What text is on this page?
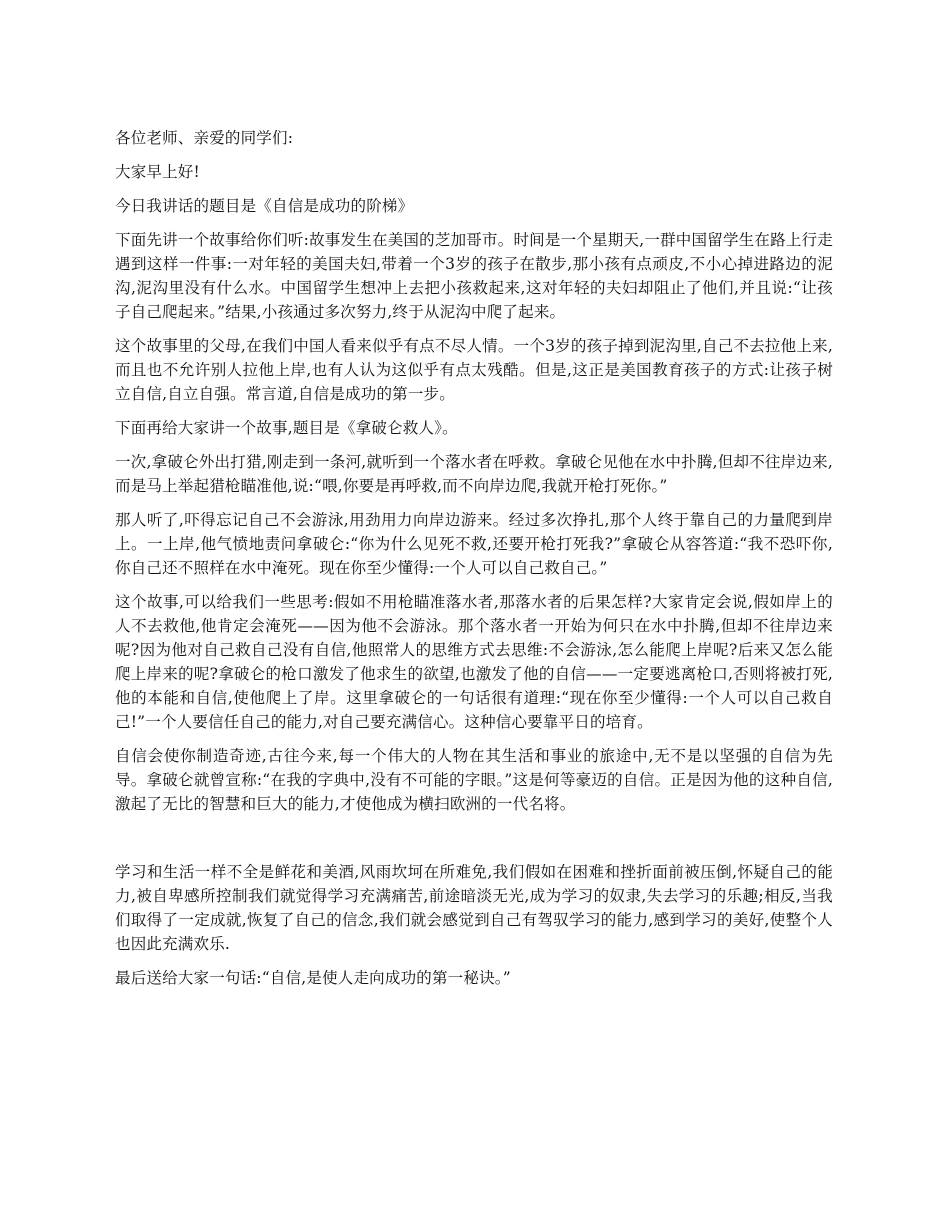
各位老师、亲爱的同学们:

大家早上好!

今日我讲话的题目是《自信是成功的阶梯》

下面先讲一个故事给你们听:故事发生在美国的芝加哥市。时间是一个星期天,一群中国留学生在路上行走遇到这样一件事:一对年轻的美国夫妇,带着一个3岁的孩子在散步,那小孩有点顽皮,不小心掉进路边的泥沟,泥沟里没有什么水。中国留学生想冲上去把小孩救起来,这对年轻的夫妇却阻止了他们,并且说:“让孩子自己爬起来。”结果,小孩通过多次努力,终于从泥沟中爬了起来。

这个故事里的父母,在我们中国人看来似乎有点不尽人情。一个3岁的孩子掉到泥沟里,自己不去拉他上来,而且也不允许别人拉他上岸,也有人认为这似乎有点太残酷。但是,这正是美国教育孩子的方式:让孩子树立自信,自立自强。常言道,自信是成功的第一步。

下面再给大家讲一个故事,题目是《拿破仑救人》。

一次,拿破仑外出打猎,刚走到一条河,就听到一个落水者在呼救。拿破仑见他在水中扑腾,但却不往岸边来,而是马上举起猎枪瞄准他,说:“喂,你要是再呼救,而不向岸边爬,我就开枪打死你。”

那人听了,吓得忘记自己不会游泳,用劲用力向岸边游来。经过多次挣扎,那个人终于靠自己的力量爬到岸上。一上岸,他气愤地责问拿破仑:“你为什么见死不救,还要开枪打死我?”拿破仑从容答道:“我不恐吓你,你自己还不照样在水中淹死。现在你至少懂得:一个人可以自己救自己。”

这个故事,可以给我们一些思考:假如不用枪瞄准落水者,那落水者的后果怎样?大家肯定会说,假如岸上的人不去救他,他肯定会淹死——因为他不会游泳。那个落水者一开始为何只在水中扑腾,但却不往岸边来呢?因为他对自己救自己没有自信,他照常人的思维方式去思维:不会游泳,怎么能爬上岸呢?后来又怎么能爬上岸来的呢?拿破仑的枪口激发了他求生的欲望,也激发了他的自信——一定要逃离枪口,否则将被打死,他的本能和自信,使他爬上了岸。这里拿破仑的一句话很有道理:“现在你至少懂得:一个人可以自己救自己!”一个人要信任自己的能力,对自己要充满信心。这种信心要靠平日的培育。

自信会使你制造奇迹,古往今来,每一个伟大的人物在其生活和事业的旅途中,无不是以坚强的自信为先导。拿破仑就曾宣称:“在我的字典中,没有不可能的字眼。”这是何等豪迈的自信。正是因为他的这种自信,激起了无比的智慧和巨大的能力,才使他成为横扫欧洲的一代名将。

学习和生活一样不全是鲜花和美酒,风雨坎坷在所难免,我们假如在困难和挫折面前被压倒,怀疑自己的能力,被自卑感所控制我们就觉得学习充满痛苦,前途暗淡无光,成为学习的奴隶,失去学习的乐趣;相反,当我们取得了一定成就,恢复了自己的信念,我们就会感觉到自己有驾驭学习的能力,感到学习的美好,使整个人也因此充满欢乐.

最后送给大家一句话:“自信,是使人走向成功的第一秘诀。”
